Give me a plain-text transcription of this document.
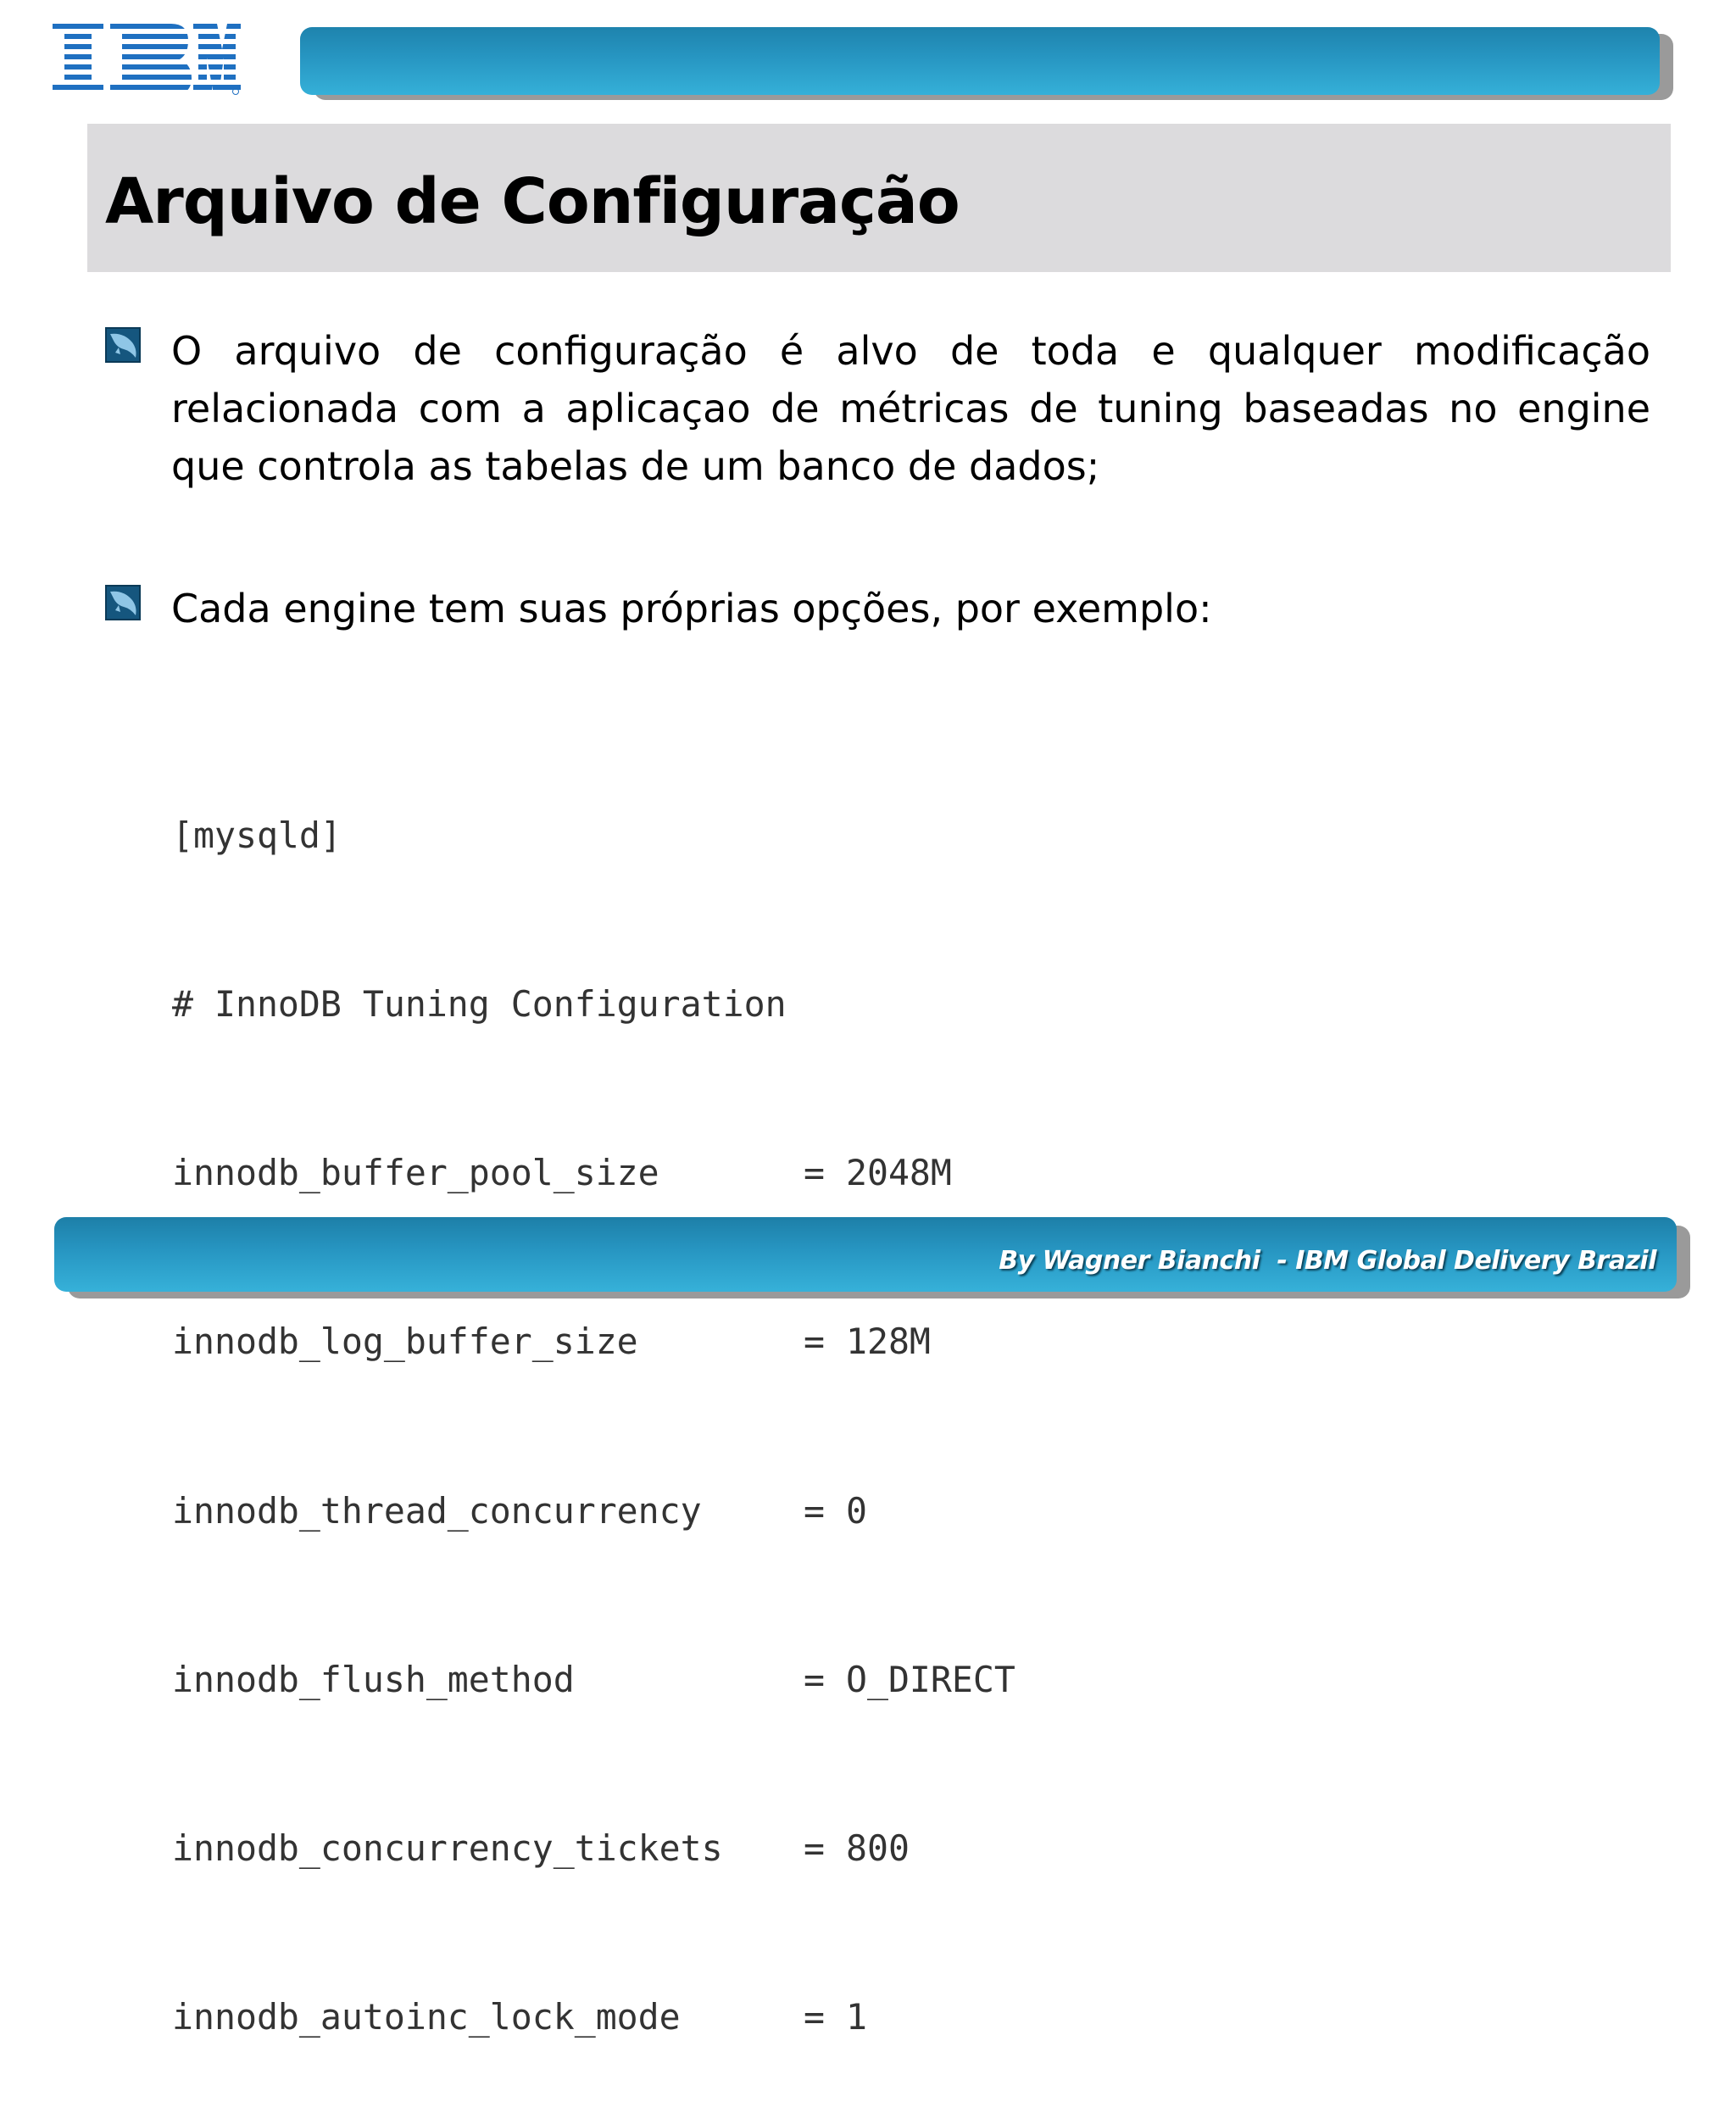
Arquivo de Configuração

O arquivo de configuração é alvo de toda e qualquer modificação relacionada com a aplicaçao de métricas de tuning baseadas no engine que controla as tabelas de um banco de dados;

Cada engine tem suas próprias opções, por exemplo:

[mysqld]

# InnoDB Tuning Configuration

innodb_buffer_pool_size	= 2048M

innodb_log_buffer_size	= 128M

innodb_thread_concurrency	= 0

innodb_flush_method	= O_DIRECT

innodb_concurrency_tickets = 800

innodb_autoinc_lock_mode	= 1

By Wagner Bianchi  - IBM Global Delivery Brazil
